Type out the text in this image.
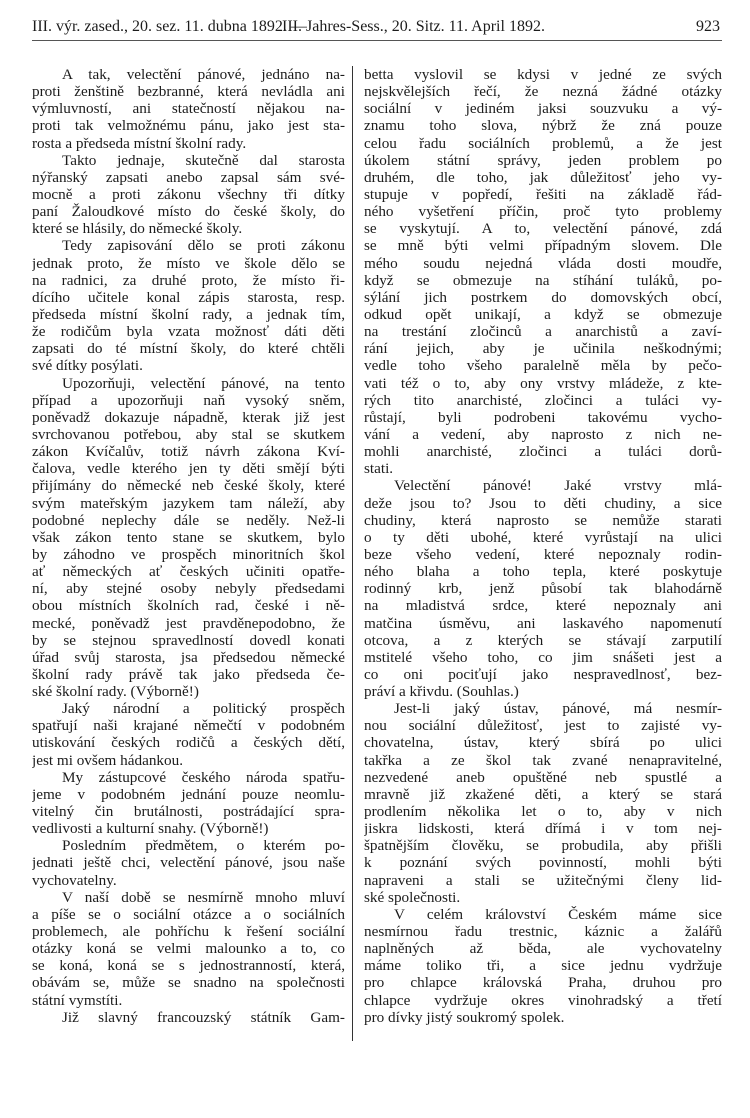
III. výr. zased., 20. sez. 11. dubna 1892. —
III. Jahres-Sess., 20. Sitz. 11. April 1892.	923
A tak, velectění pánové, jednáno na-
proti ženštině bezbranné, která nevládla ani
výmluvností, ani statečností nějakou na-
proti tak velmožnému pánu, jako jest sta-
rosta a předseda místní školní rady.
Takto jednaje, skutečně dal starosta
nýřanský zapsati anebo zapsal sám své-
mocně a proti zákonu všechny tři dítky
paní Žaloudkové místo do české školy, do
které se hlásily, do německé školy.
Tedy zapisování dělo se proti zákonu
jednak proto, že místo ve škole dělo se
na radnici, za druhé proto, že místo ři-
dícího učitele konal zápis starosta, resp.
předseda místní školní rady, a jednak tím,
že rodičům byla vzata možnosť dáti děti
zapsati do té místní školy, do které chtěli
své dítky posýlati.
Upozorňuji, velectění pánové, na tento
případ a upozorňuji naň vysoký sněm,
poněvadž dokazuje nápadně, kterak již jest
svrchovanou potřebou, aby stal se skutkem
zákon Kvíčalův, totiž návrh zákona Kví-
čalova, vedle kterého jen ty děti smějí býti
přijímány do německé neb české školy, které
svým mateřským jazykem tam náleží, aby
podobné neplechy dále se neděly. Než-li
však zákon tento stane se skutkem, bylo
by záhodno ve prospěch minoritních škol
ať německých ať českých učiniti opatře-
ní, aby stejné osoby nebyly předsedami
obou místních školních rad, české i ně-
mecké, poněvadž jest pravděnepodobno, že
by se stejnou spravedlností dovedl konati
úřad svůj starosta, jsa předsedou německé
školní rady právě tak jako předseda če-
ské školní rady. (Výborně!)
Jaký národní a politický prospěch
spatřují naši krajané němečtí v podobném
utiskování českých rodičů a českých dětí,
jest mi ovšem hádankou.
My zástupcové českého národa spatřu-
jeme v podobném jednání pouze neomlu-
vitelný čin brutálnosti, postrádající spra-
vedlivosti a kulturní snahy. (Výborně!)
Posledním předmětem, o kterém po-
jednati ještě chci, velectění pánové, jsou naše
vychovatelny.
V naší době se nesmírně mnoho mluví
a píše se o sociální otázce a o sociálních
problemech, ale pohříchu k řešení sociální
otázky koná se velmi malounko a to, co
se koná, koná se s jednostranností, která,
obávám se, může se snadno na společnosti
státní vymstíti.
Již slavný francouzský státník Gam-
betta vyslovil se kdysi v jedné ze svých
nejskvělejších řečí, že nezná žádné otázky
sociální v jediném jaksi souzvuku a vý-
znamu toho slova, nýbrž že zná pouze
celou řadu sociálních problemů, a že jest
úkolem státní správy, jeden problem po
druhém, dle toho, jak důležitosť jeho vy-
stupuje v popředí, řešiti na základě řád-
ného vyšetření příčin, proč tyto problemy
se vyskytují. A to, velectění pánové, zdá
se mně býti velmi případným slovem. Dle
mého soudu nejedná vláda dosti moudře,
když se obmezuje na stíhání tuláků, po-
sýlání jich postrkem do domovských obcí,
odkud opět unikají, a když se obmezuje
na trestání zločinců a anarchistů a zaví-
rání jejich, aby je učinila neškodnými;
vedle toho všeho paralelně měla by pečo-
vati též o to, aby ony vrstvy mládeže, z kte-
rých tito anarchisté, zločinci a tuláci vy-
růstají, byli podrobeni takovému vycho-
vání a vedení, aby naprosto z nich ne-
mohli anarchisté, zločinci a tuláci dorů-
stati.
Velectění pánové! Jaké vrstvy mlá-
deže jsou to? Jsou to děti chudiny, a sice
chudiny, která naprosto se nemůže starati
o ty děti ubohé, které vyrůstají na ulici
beze všeho vedení, které nepoznaly rodin-
ného blaha a toho tepla, které poskytuje
rodinný krb, jenž působí tak blahodárně
na mladistvá srdce, které nepoznaly ani
matčina úsměvu, ani laskavého napomenutí
otcova, a z kterých se stávají zarputilí
mstitelé všeho toho, co jim snášeti jest a
co oni pociťují jako nespravedlnosť, bez-
práví a křivdu. (Souhlas.)
Jest-li jaký ústav, pánové, má nesmír-
nou sociální důležitosť, jest to zajisté vy-
chovatelna, ústav, který sbírá po ulici
takřka a ze škol tak zvané nenapravitelné,
nezvedené aneb opuštěné neb spustlé a
mravně již zkažené děti, a který se stará
prodlením několika let o to, aby v nich
jiskra lidskosti, která dřímá i v tom nej-
špatnějším člověku, se probudila, aby přišli
k poznání svých povinností, mohli býti
napraveni a stali se užitečnými členy lid-
ské společnosti.
V celém království Českém máme sice
nesmírnou řadu trestnic, káznic a žalářů
naplněných až běda, ale vychovatelny
máme toliko tři, a sice jednu vydržuje
pro chlapce královská Praha, druhou pro
chlapce vydržuje okres vinohradský a třetí
pro dívky jistý soukromý spolek.
